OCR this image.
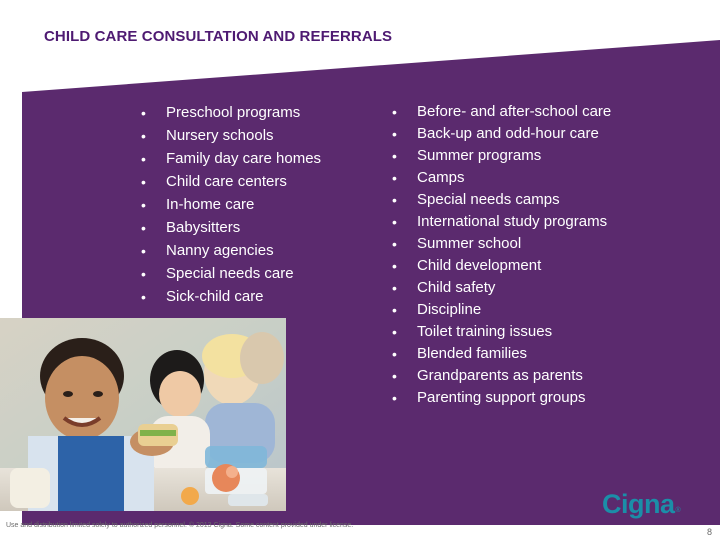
CHILD CARE CONSULTATION AND REFERRALS
• Preschool programs
• Nursery schools
• Family day care homes
• Child care centers
• In-home care
• Babysitters
• Nanny agencies
• Special needs care
• Sick-child care
• Before- and after-school care
• Back-up and odd-hour care
• Summer programs
• Camps
• Special needs camps
• International study programs
• Summer school
• Child development
• Child safety
• Discipline
• Toilet training issues
• Blended families
• Grandparents as parents
• Parenting support groups
Use and distribution limited solely to authorized personnel. © 2013 Cigna. Some content provided under license.
Cigna®
8
